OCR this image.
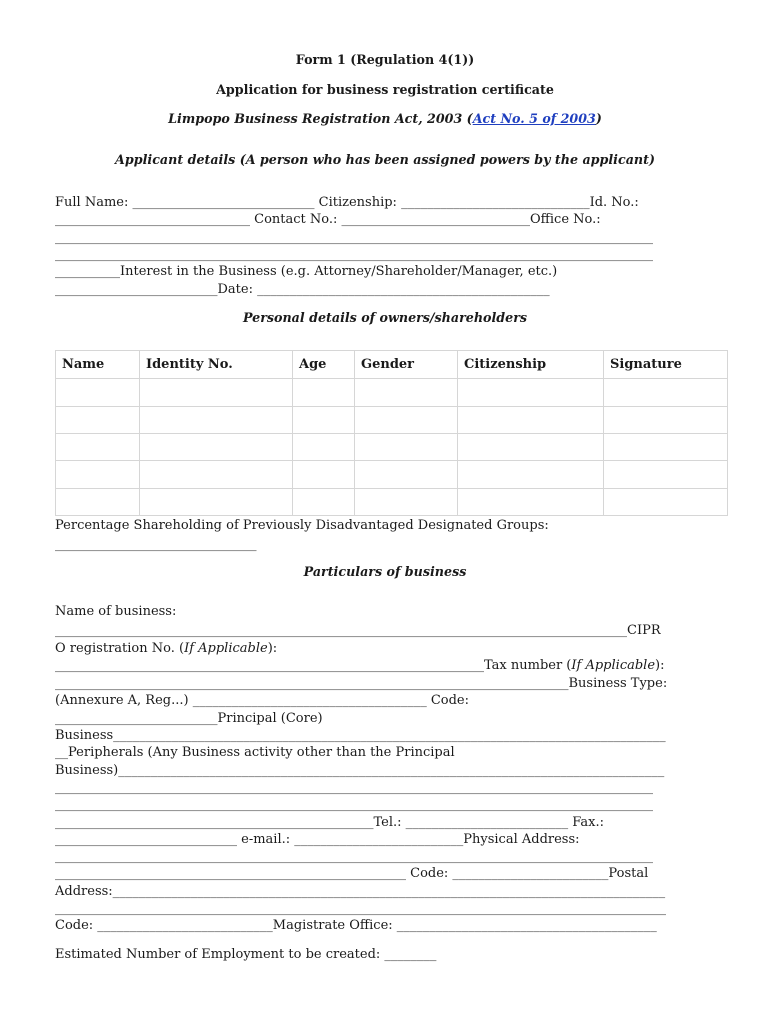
Form 1 (Regulation 4(1))
Application for business registration certificate
Limpopo Business Registration Act, 2003 (Act No. 5 of 2003)
Applicant details (A person who has been assigned powers by the applicant)
Full Name: ____________________________ Citizenship: _____________________________Id. No.:
______________________________ Contact No.: _____________________________Office No.:
____________________________________________________________________________________________
____________________________________________________________________________________________
__________Interest in the Business (e.g. Attorney/Shareholder/Manager, etc.)
_________________________Date: _____________________________________________
Personal details of owners/shareholders
Name	Identity No.	Age	Gender	Citizenship	Signature

Percentage Shareholding of Previously Disadvantaged Designated Groups:
_______________________________
Particulars of business
Name of business:
________________________________________________________________________________________CIPR
O registration No. (If Applicable):
__________________________________________________________________Tax number (If Applicable):
_______________________________________________________________________________Business Type:
(Annexure A, Reg...) ____________________________________ Code:
_________________________Principal (Core)
Business_____________________________________________________________________________________
__Peripherals (Any Business activity other than the Principal
Business)____________________________________________________________________________________
____________________________________________________________________________________________
____________________________________________________________________________________________
_________________________________________________Tel.: _________________________ Fax.:
____________________________ e-mail.: __________________________Physical Address:
____________________________________________________________________________________________
______________________________________________________ Code: ________________________Postal
Address:_____________________________________________________________________________________
______________________________________________________________________________________________
Code: ___________________________Magistrate Office: ________________________________________
Estimated Number of Employment to be created: ________
